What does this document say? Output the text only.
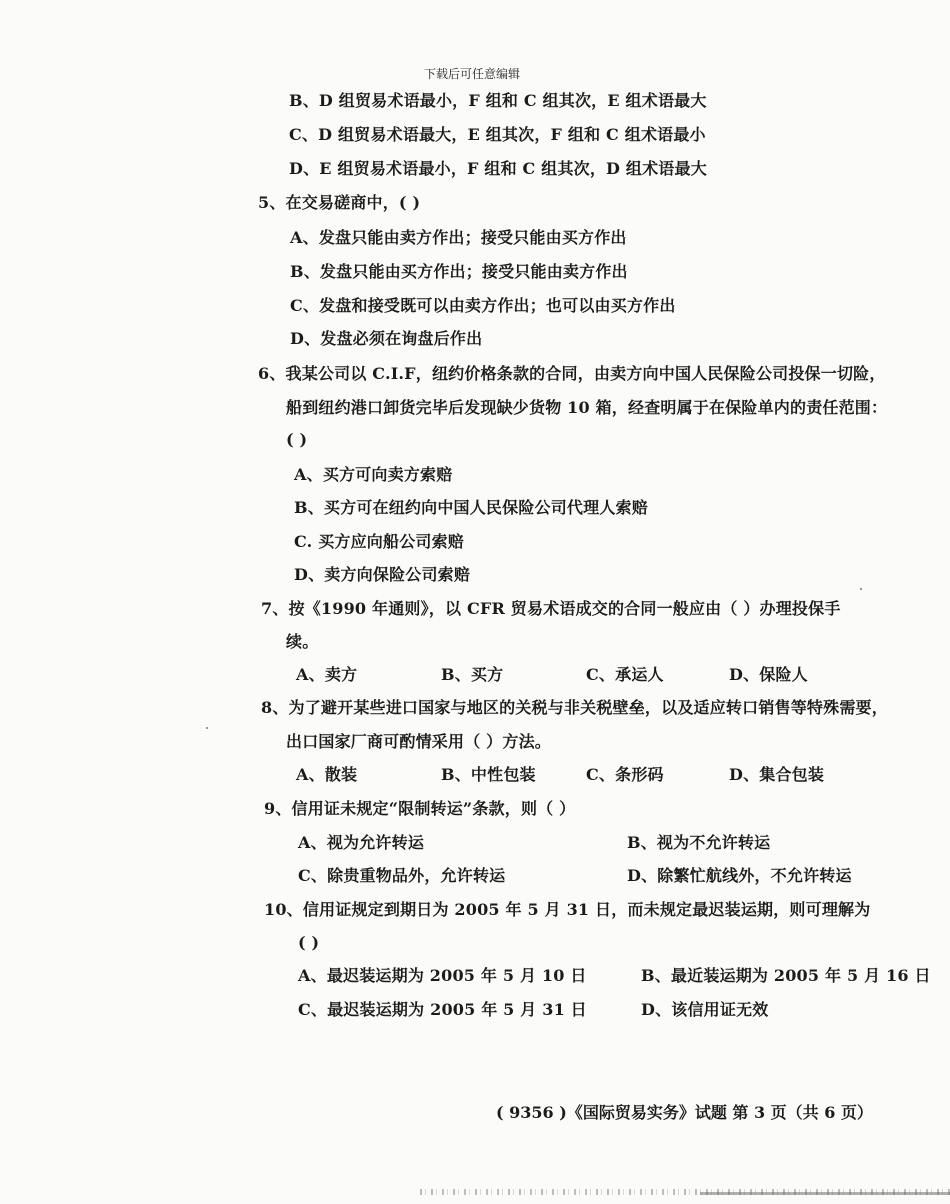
下载后可任意编辑
B、D 组贸易术语最小，F 组和 C 组其次，E 组术语最大
C、D 组贸易术语最大，E 组其次，F 组和 C 组术语最小
D、E 组贸易术语最小，F 组和 C 组其次，D 组术语最大
5、在交易磋商中，( )
A、发盘只能由卖方作出；接受只能由买方作出
B、发盘只能由买方作出；接受只能由卖方作出
C、发盘和接受既可以由卖方作出；也可以由买方作出
D、发盘必须在询盘后作出
6、我某公司以 C.I.F，纽约价格条款的合同，由卖方向中国人民保险公司投保一切险，
船到纽约港口卸货完毕后发现缺少货物 10 箱，经查明属于在保险单内的责任范围：
( )
A、买方可向卖方索赔
B、买方可在纽约向中国人民保险公司代理人索赔
C. 买方应向船公司索赔
D、卖方向保险公司索赔
7、按《1990 年通则》，以 CFR 贸易术语成交的合同一般应由（ ）办理投保手
续。
A、卖方	B、买方	C、承运人	D、保险人
8、为了避开某些进口国家与地区的关税与非关税壁垒，以及适应转口销售等特殊需要，
出口国家厂商可酌情采用（ ）方法。
A、散装	B、中性包装	C、条形码	D、集合包装
9、信用证未规定“限制转运”条款，则（ ）
A、视为允许转运	B、视为不允许转运
C、除贵重物品外，允许转运	D、除繁忙航线外，不允许转运
10、信用证规定到期日为 2005 年 5 月 31 日，而未规定最迟装运期，则可理解为
( )
A、最迟装运期为 2005 年 5 月 10 日	B、最近装运期为 2005 年 5 月 16 日
C、最迟装运期为 2005 年 5 月 31 日	D、该信用证无效
( 9356 )《国际贸易实务》试题 第 3 页（共 6 页）
